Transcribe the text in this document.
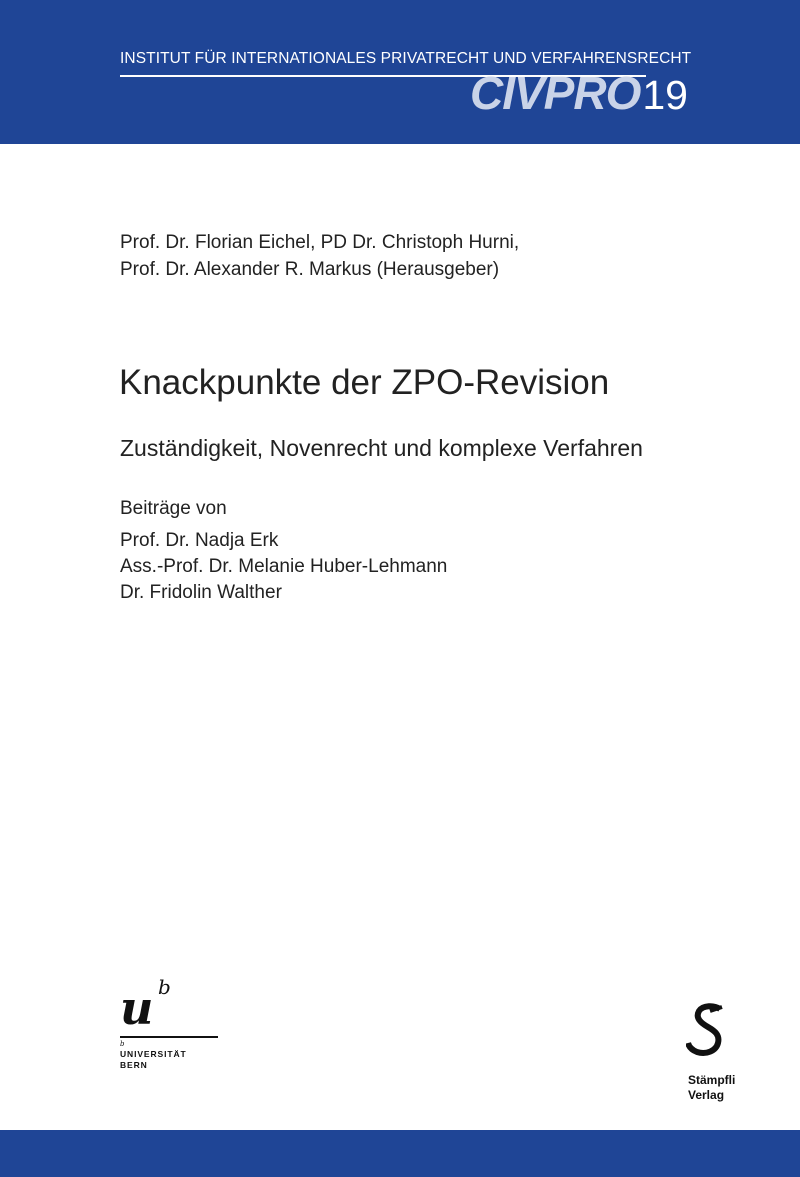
INSTITUT FÜR INTERNATIONALES PRIVATRECHT UND VERFAHRENSRECHT
CIVPRO19
Prof. Dr. Florian Eichel, PD Dr. Christoph Hurni,
Prof. Dr. Alexander R. Markus (Herausgeber)
Knackpunkte der ZPO-Revision
Zuständigkeit, Novenrecht und komplexe Verfahren
Beiträge von
Prof. Dr. Nadja Erk
Ass.-Prof. Dr. Melanie Huber-Lehmann
Dr. Fridolin Walther
u b
b
UNIVERSITÄT
BERN
Stämpfli
Verlag
